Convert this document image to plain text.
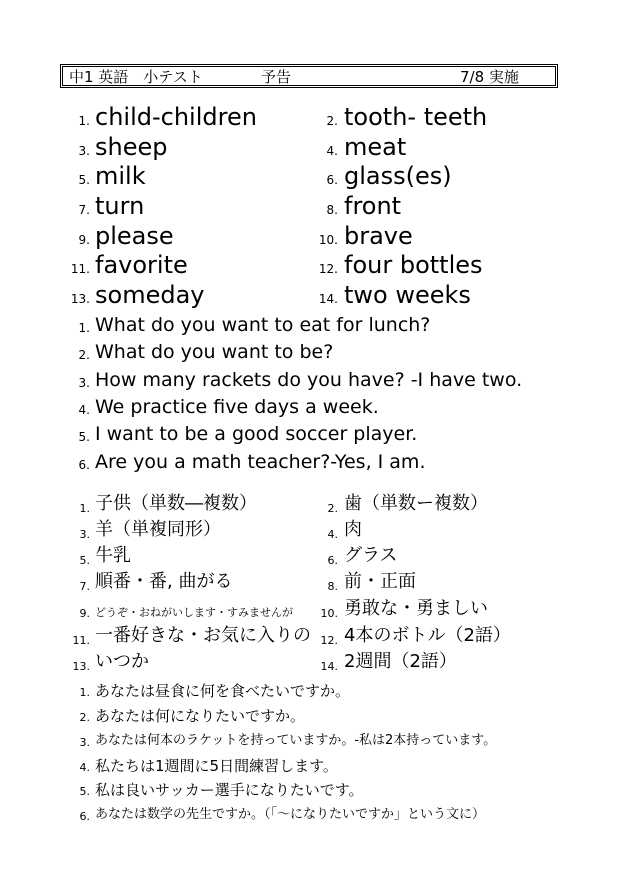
中1 英語　小テスト	予告	7/8 実施
1. child-children	2. tooth- teeth
3. sheep	4. meat
5. milk	6. glass(es)
7. turn	8. front
9. please	10. brave
11. favorite	12. four bottles
13. someday	14. two weeks
1. What do you want to eat for lunch?
2. What do you want to be?
3. How many rackets do you have? -I have two.
4. We practice five days a week.
5. I want to be a good soccer player.
6. Are you a math teacher?-Yes, I am.
1. 子供（単数―複数）	2. 歯（単数ー複数）
3. 羊（単複同形）	4. 肉
5. 牛乳	6. グラス
7. 順番・番, 曲がる	8. 前・正面
9. どうぞ・おねがいします・すみませんが	10. 勇敢な・勇ましい
11. 一番好きな・お気に入りの 12. 4本のボトル（2語）
13. いつか	14. 2週間（2語）
1. あなたは昼食に何を食べたいですか。
2. あなたは何になりたいですか。
3. あなたは何本のラケットを持っていますか。-私は2本持っています。
4. 私たちは1週間に5日間練習します。
5. 私は良いサッカー選手になりたいです。
6. あなたは数学の先生ですか。（「～になりたいですか」という文に）
